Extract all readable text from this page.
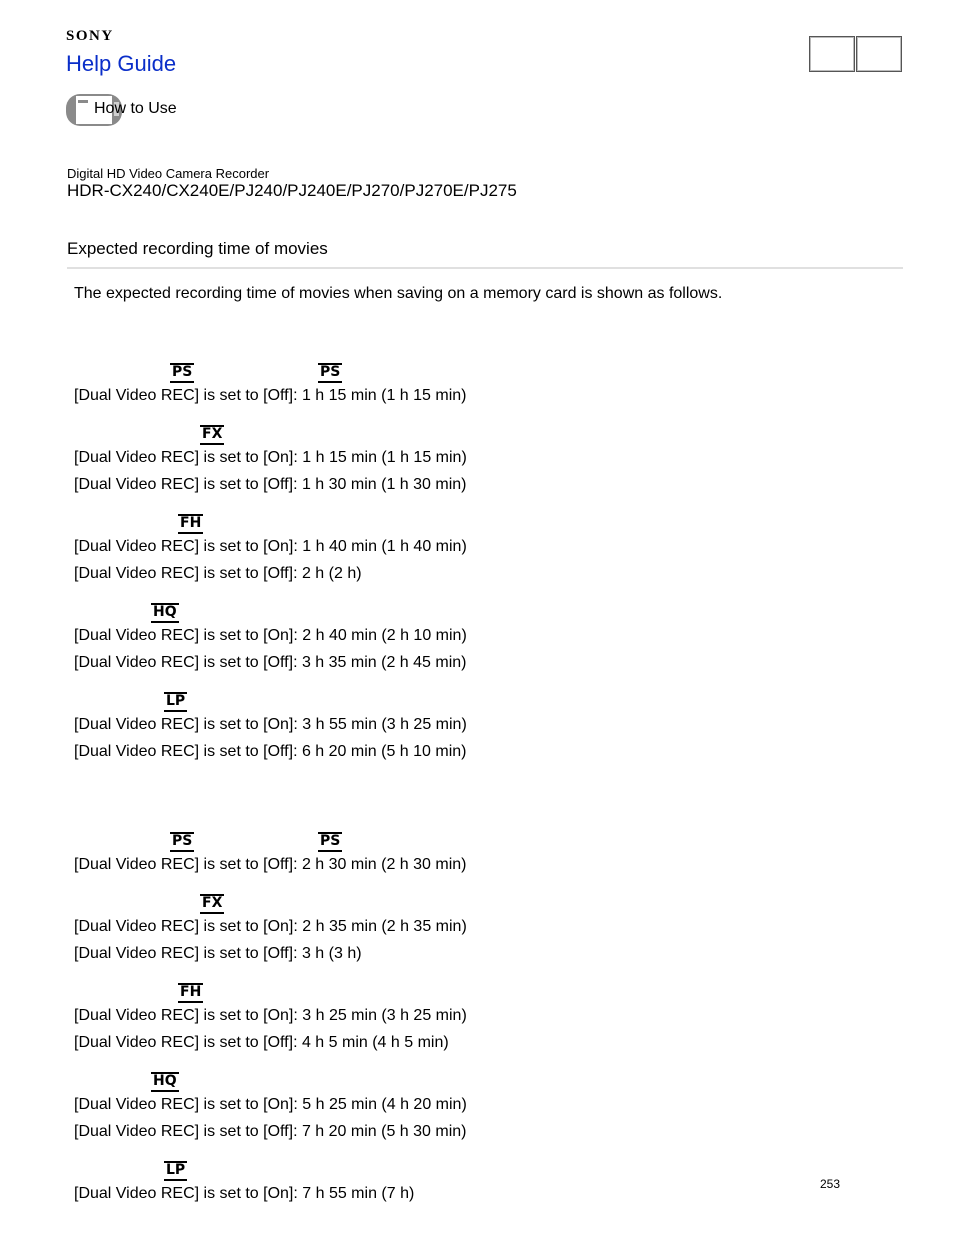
SONY
Help Guide
How to Use
Digital HD Video Camera Recorder
HDR-CX240/CX240E/PJ240/PJ240E/PJ270/PJ270E/PJ275
Expected recording time of movies
The expected recording time of movies when saving on a memory card is shown as follows.
PS	PS
[Dual Video REC] is set to [Off]: 1 h 15 min (1 h 15 min)
FX
[Dual Video REC] is set to [On]: 1 h 15 min (1 h 15 min)
[Dual Video REC] is set to [Off]: 1 h 30 min (1 h 30 min)
FH
[Dual Video REC] is set to [On]: 1 h 40 min (1 h 40 min)
[Dual Video REC] is set to [Off]: 2 h (2 h)
HQ
[Dual Video REC] is set to [On]: 2 h 40 min (2 h 10 min)
[Dual Video REC] is set to [Off]: 3 h 35 min (2 h 45 min)
LP
[Dual Video REC] is set to [On]: 3 h 55 min (3 h 25 min)
[Dual Video REC] is set to [Off]: 6 h 20 min (5 h 10 min)
PS	PS
[Dual Video REC] is set to [Off]: 2 h 30 min (2 h 30 min)
FX
[Dual Video REC] is set to [On]: 2 h 35 min (2 h 35 min)
[Dual Video REC] is set to [Off]: 3 h (3 h)
FH
[Dual Video REC] is set to [On]: 3 h 25 min (3 h 25 min)
[Dual Video REC] is set to [Off]: 4 h 5 min (4 h 5 min)
HQ
[Dual Video REC] is set to [On]: 5 h 25 min (4 h 20 min)
[Dual Video REC] is set to [Off]: 7 h 20 min (5 h 30 min)
LP
[Dual Video REC] is set to [On]: 7 h 55 min (7 h)
253
